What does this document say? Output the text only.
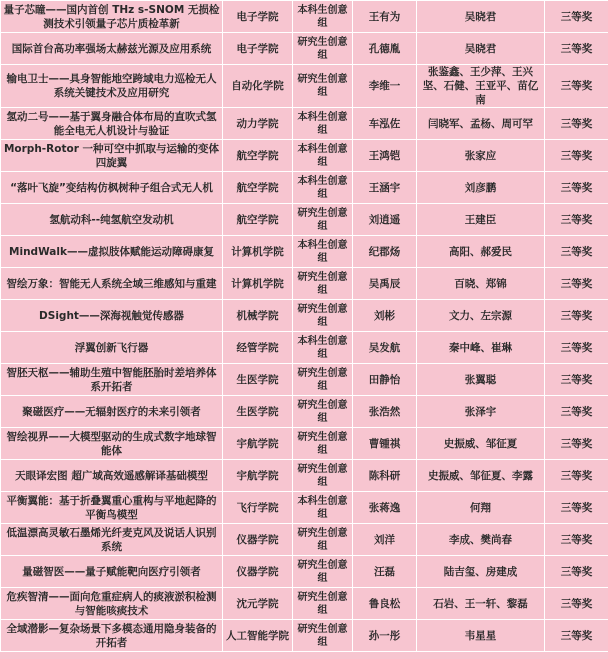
量子芯瞳——国内首创 THz s-SNOM 无损检测技术引领量子芯片质检革新	电子学院	本科生创意组	王有为	吴晓君	三等奖
国际首台高功率强场太赫兹光源及应用系统	电子学院	研究生创意组	孔德胤	吴晓君	三等奖
输电卫士——具身智能地空跨域电力巡检无人系统关键技术及应用研究	自动化学院	研究生创意组	李维一	张鉴鑫、王少萍、王兴坚、石健、王亚平、苗亿南	三等奖
氢动二号——基于翼身融合体布局的直吹式氢能全电无人机设计与验证	动力学院	本科生创意组	车泓佐	闫晓军、孟杨、周可罕	三等奖
Morph-Rotor 一种可空中抓取与运输的变体四旋翼	航空学院	本科生创意组	王鸿铠	张家应	三等奖
“落叶飞旋”变结构仿枫树种子组合式无人机	航空学院	本科生创意组	王涵宇	刘彦鹏	三等奖
氢航动科--纯氢航空发动机	航空学院	研究生创意组	刘逍遥	王建臣	三等奖
MindWalk——虚拟肢体赋能运动障碍康复	计算机学院	本科生创意组	纪郡炀	高阳、郝爱民	三等奖
智绘万象：智能无人系统全域三维感知与重建	计算机学院	研究生创意组	吴禹辰	百晓、郑锦	三等奖
DSight——深海视触觉传感器	机械学院	研究生创意组	刘彬	文力、左宗源	三等奖
浮翼创新飞行器	经管学院	本科生创意组	吴发航	秦中峰、崔琳	三等奖
智胚天枢——辅助生殖中智能胚胎时差培养体系开拓者	生医学院	研究生创意组	田静怡	张翼聪	三等奖
聚磁医疗——无辐射医疗的未来引领者	生医学院	研究生创意组	张浩然	张泽宇	三等奖
智绘视界——大模型驱动的生成式数字地球智能体	宇航学院	研究生创意组	曹锺祺	史振威、邹征夏	三等奖
天眼译宏图 超广域高效遥感解译基础模型	宇航学院	研究生创意组	陈科研	史振威、邹征夏、李露	三等奖
平衡翼能：基于折叠翼重心重构与平地起降的平衡鸟模型	飞行学院	本科生创意组	张蒋逸	何翔	三等奖
低温漂高灵敏石墨烯光纤麦克风及说话人识别系统	仪器学院	研究生创意组	刘洋	李成、樊尚春	三等奖
量磁智医——量子赋能靶向医疗引领者	仪器学院	研究生创意组	汪磊	陆吉玺、房建成	三等奖
危疾智清——面向危重症病人的痰液淤积检测与智能咳痰技术	沈元学院	研究生创意组	鲁良松	石岩、王一轩、黎磊	三等奖
全域潜影—复杂场景下多模态通用隐身装备的开拓者	人工智能学院	研究生创意组	孙一彤	韦星星	三等奖
